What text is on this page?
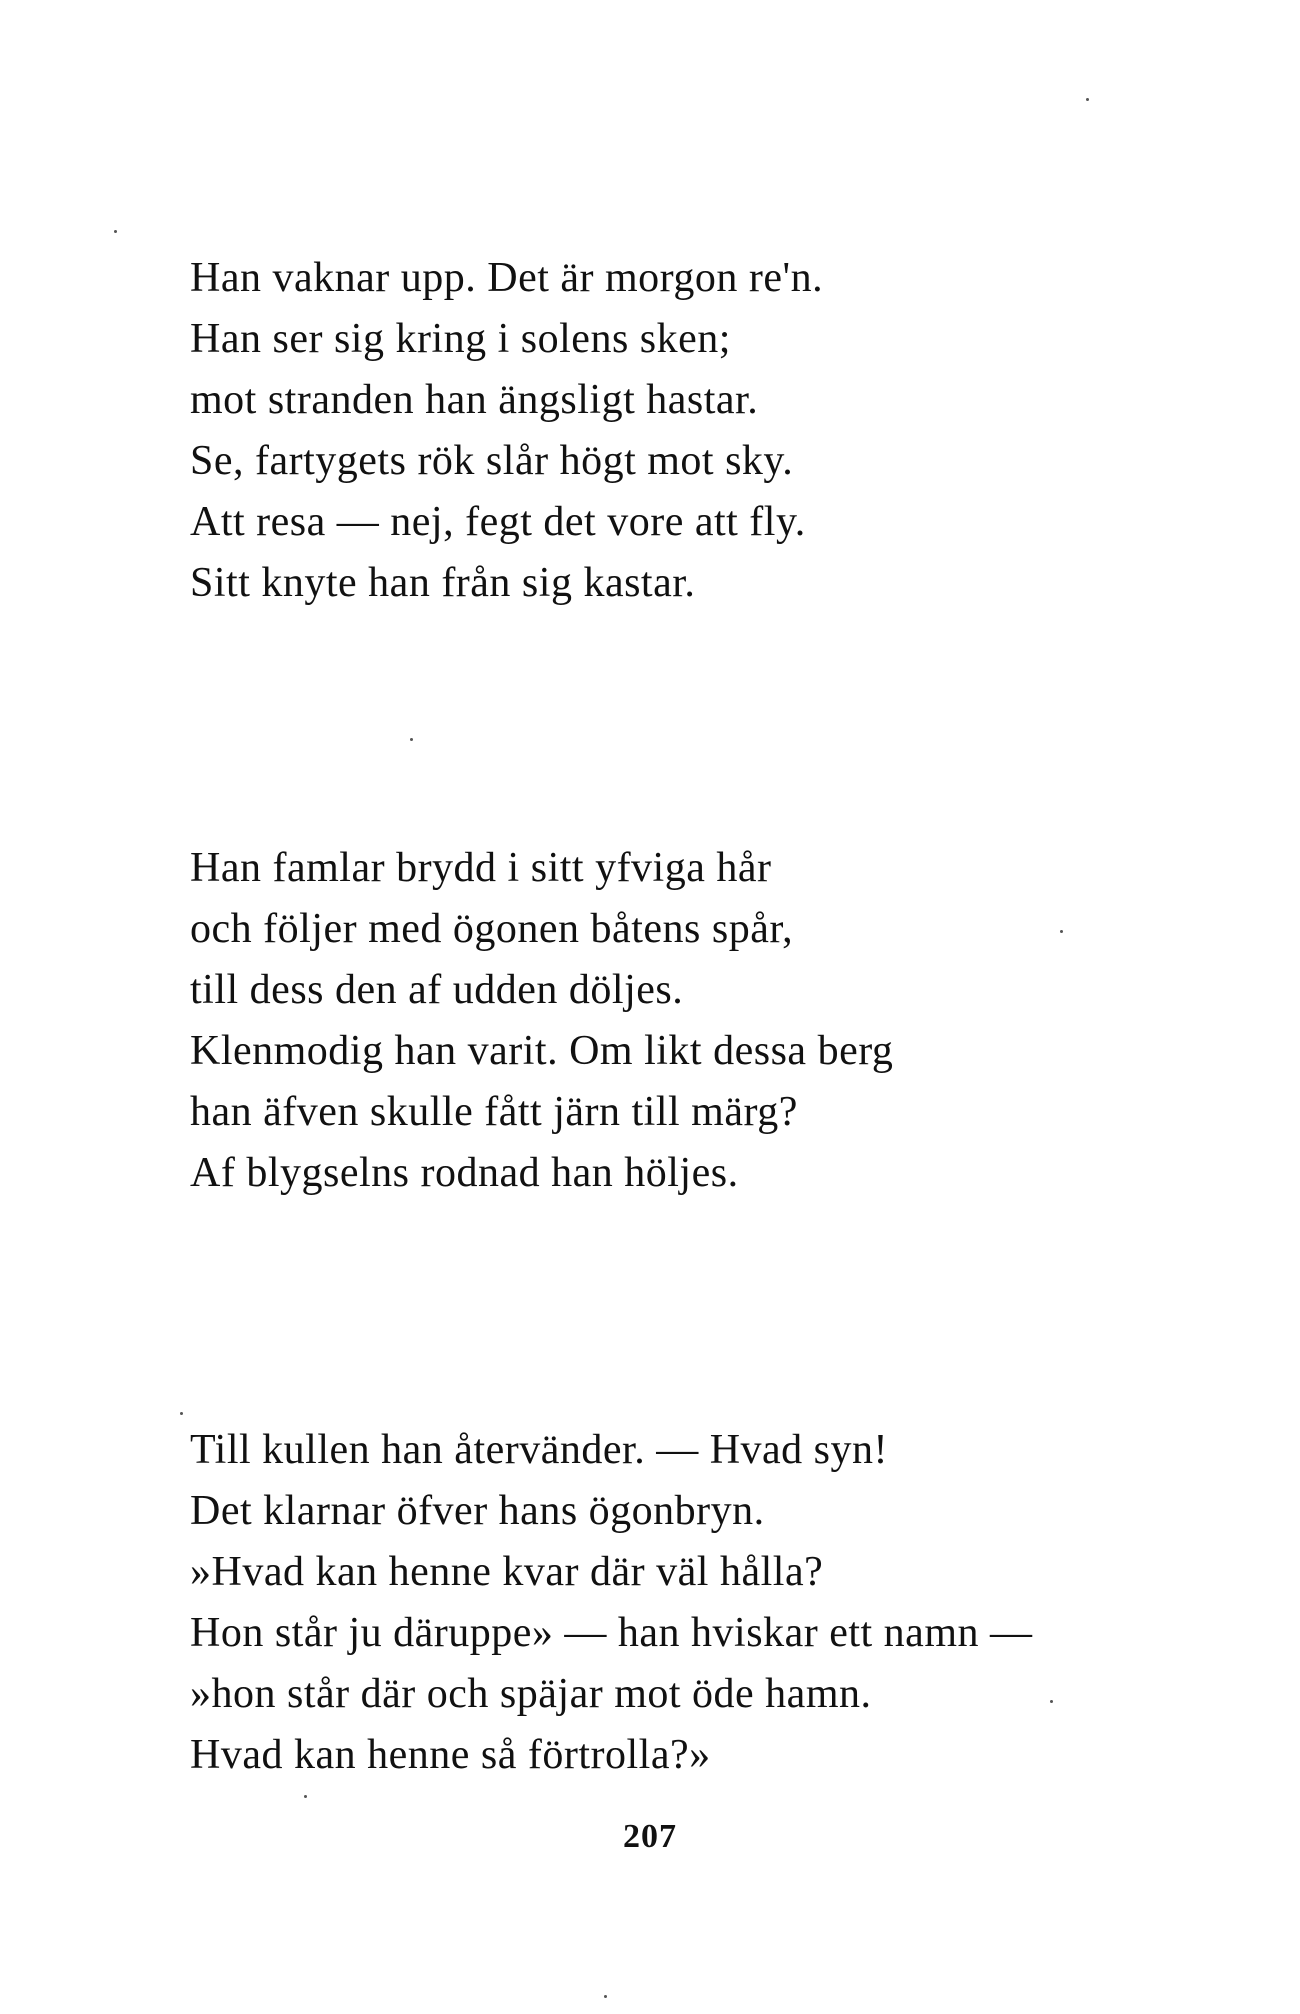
Han vaknar upp. Det är morgon re'n.
Han ser sig kring i solens sken;
mot stranden han ängsligt hastar.
Se, fartygets rök slår högt mot sky.
Att resa — nej, fegt det vore att fly.
Sitt knyte han från sig kastar.
Han famlar brydd i sitt yfviga hår
och följer med ögonen båtens spår,
till dess den af udden döljes.
Klenmodig han varit. Om likt dessa berg
han äfven skulle fått järn till märg?
Af blygselns rodnad han höljes.
Till kullen han återvänder. — Hvad syn!
Det klarnar öfver hans ögonbryn.
»Hvad kan henne kvar där väl hålla?
Hon står ju däruppe» — han hviskar ett namn —
»hon står där och späjar mot öde hamn.
Hvad kan henne så förtrolla?»
207
